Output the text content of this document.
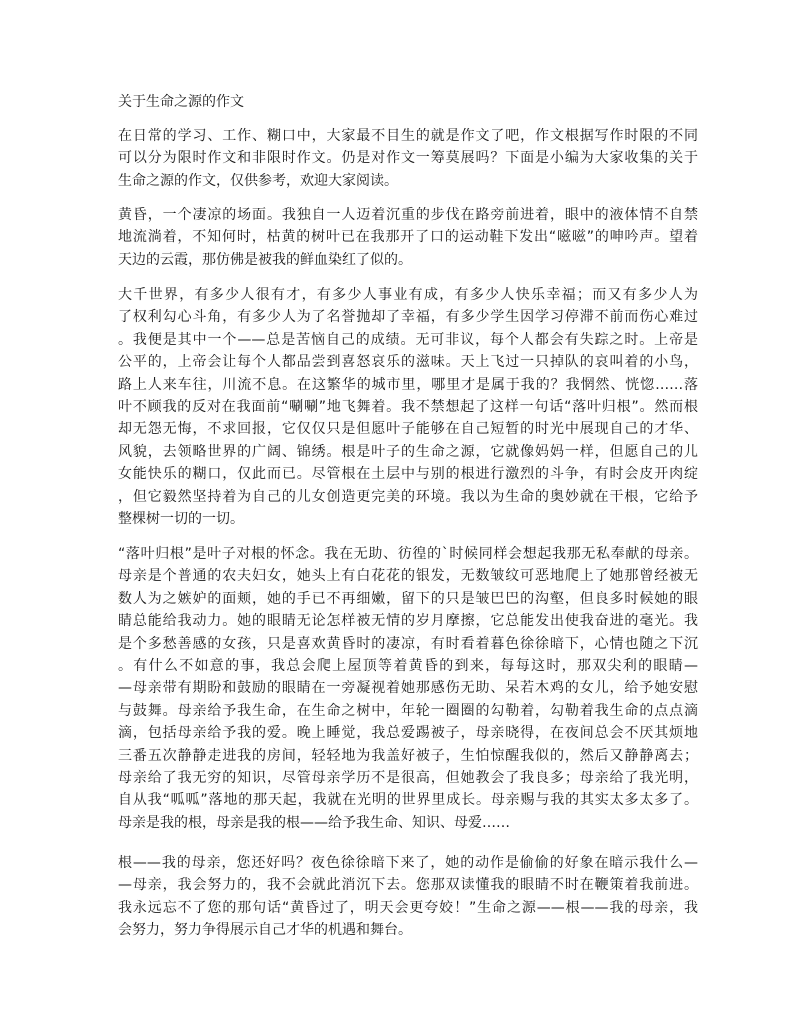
关于生命之源的作文
在日常的学习、工作、糊口中，大家最不目生的就是作文了吧，作文根据写作时限的不同
可以分为限时作文和非限时作文。仍是对作文一筹莫展吗？下面是小编为大家收集的关于
生命之源的作文，仅供参考，欢迎大家阅读。
黄昏，一个凄凉的场面。我独自一人迈着沉重的步伐在路旁前进着，眼中的液体情不自禁
地流淌着，不知何时，枯黄的树叶已在我那开了口的运动鞋下发出“嗞嗞”的呻吟声。望着
天边的云霞，那仿佛是被我的鲜血染红了似的。
大千世界，有多少人很有才，有多少人事业有成，有多少人快乐幸福；而又有多少人为
了权利勾心斗角，有多少人为了名誉抛却了幸福，有多少学生因学习停滞不前而伤心难过
。我便是其中一个——总是苦恼自己的成绩。无可非议，每个人都会有失踪之时。上帝是
公平的，上帝会让每个人都品尝到喜怒哀乐的滋味。天上飞过一只掉队的哀叫着的小鸟，
路上人来车往，川流不息。在这繁华的城市里，哪里才是属于我的？我惘然、恍惚……落
叶不顾我的反对在我面前“唰唰”地飞舞着。我不禁想起了这样一句话“落叶归根”。然而根
却无怨无悔，不求回报，它仅仅只是但愿叶子能够在自己短暂的时光中展现自己的才华、
风貌，去领略世界的广阔、锦绣。根是叶子的生命之源，它就像妈妈一样，但愿自己的儿
女能快乐的糊口，仅此而已。尽管根在土层中与别的根进行激烈的斗争，有时会皮开肉绽
，但它毅然坚持着为自己的儿女创造更完美的环境。我以为生命的奥妙就在干根，它给予
整棵树一切的一切。
“落叶归根”是叶子对根的怀念。我在无助、彷徨的`时候同样会想起我那无私奉献的母亲。
母亲是个普通的农夫妇女，她头上有白花花的银发，无数皱纹可恶地爬上了她那曾经被无
数人为之嫉妒的面颊，她的手已不再细嫩，留下的只是皱巴巴的沟壑，但良多时候她的眼
睛总能给我动力。她的眼睛无论怎样被无情的岁月摩擦，它总能发出使我奋进的毫光。我
是个多愁善感的女孩，只是喜欢黄昏时的凄凉，有时看着暮色徐徐暗下，心情也随之下沉
。有什么不如意的事，我总会爬上屋顶等着黄昏的到来，每每这时，那双尖利的眼睛—
—母亲带有期盼和鼓励的眼睛在一旁凝视着她那感伤无助、呆若木鸡的女儿，给予她安慰
与鼓舞。母亲给予我生命，在生命之树中，年轮一圈圈的勾勒着，勾勒着我生命的点点滴
滴，包括母亲给予我的爱。晚上睡觉，我总爱踢被子，母亲晓得，在夜间总会不厌其烦地
三番五次静静走进我的房间，轻轻地为我盖好被子，生怕惊醒我似的，然后又静静离去；
母亲给了我无穷的知识，尽管母亲学历不是很高，但她教会了我良多；母亲给了我光明，
自从我“呱呱”落地的那天起，我就在光明的世界里成长。母亲赐与我的其实太多太多了。
母亲是我的根，母亲是我的根——给予我生命、知识、母爱……
根——我的母亲，您还好吗？夜色徐徐暗下来了，她的动作是偷偷的好象在暗示我什么—
—母亲，我会努力的，我不会就此消沉下去。您那双读懂我的眼睛不时在鞭策着我前进。
我永远忘不了您的那句话“黄昏过了，明天会更夸姣！”生命之源——根——我的母亲，我
会努力，努力争得展示自己才华的机遇和舞台。
